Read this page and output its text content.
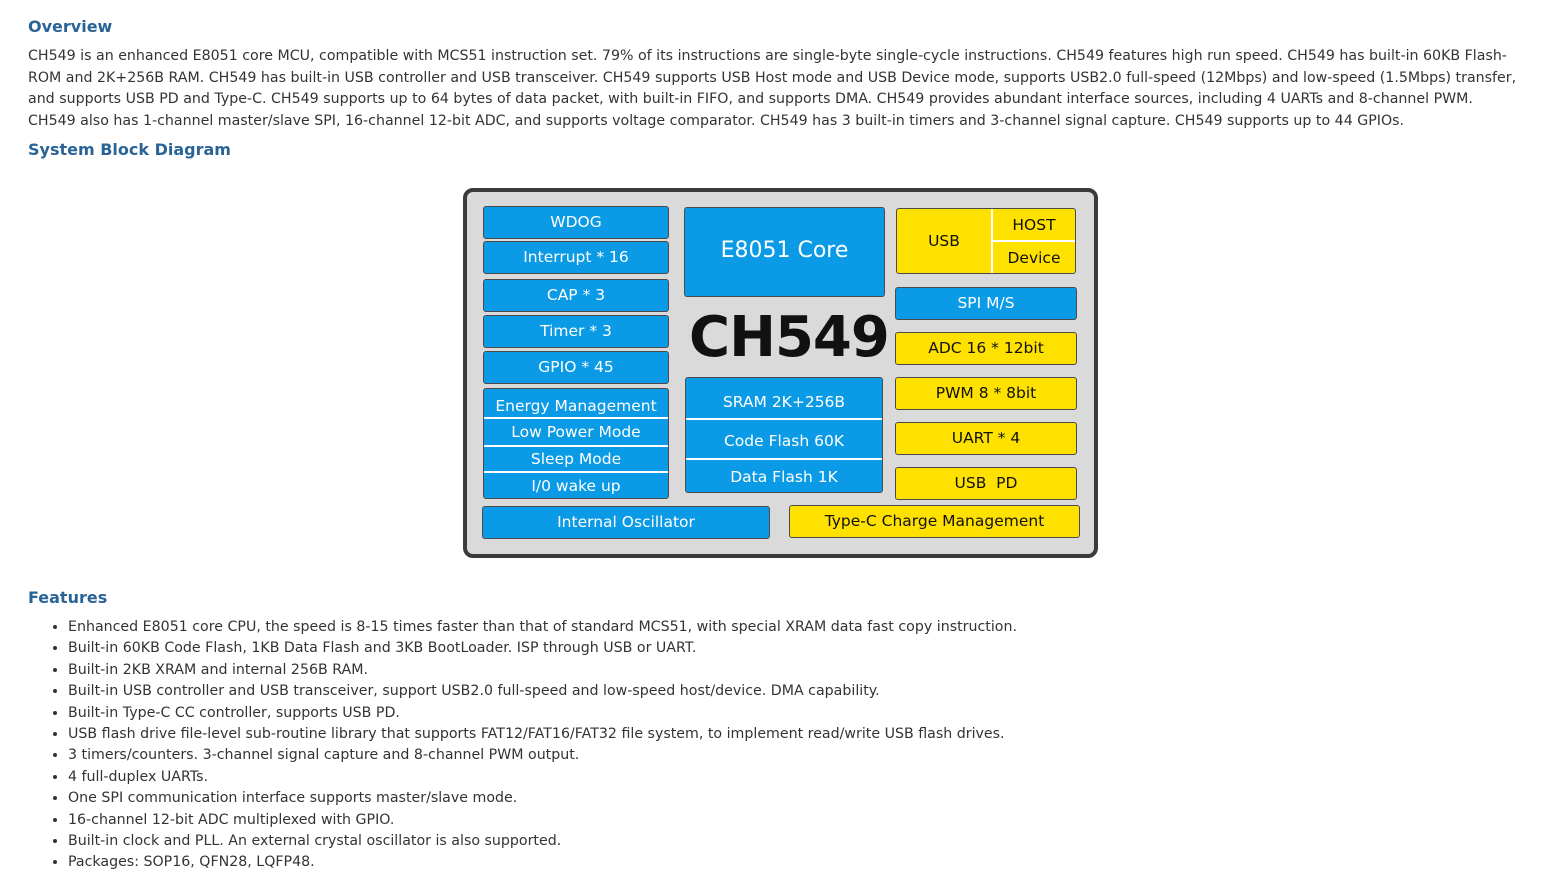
Overview

CH549 is an enhanced E8051 core MCU, compatible with MCS51 instruction set. 79% of its instructions are single-byte single-cycle instructions. CH549 features high run speed. CH549 has built-in 60KB Flash-ROM and 2K+256B RAM. CH549 has built-in USB controller and USB transceiver. CH549 supports USB Host mode and USB Device mode, supports USB2.0 full-speed (12Mbps) and low-speed (1.5Mbps) transfer, and supports USB PD and Type-C. CH549 supports up to 64 bytes of data packet, with built-in FIFO, and supports DMA. CH549 provides abundant interface sources, including 4 UARTs and 8-channel PWM. CH549 also has 1-channel master/slave SPI, 16-channel 12-bit ADC, and supports voltage comparator. CH549 has 3 built-in timers and 3-channel signal capture. CH549 supports up to 44 GPIOs.

System Block Diagram
WDOG
Interrupt * 16
CAP * 3
Timer * 3
GPIO * 45
Energy Management
Low Power Mode
Sleep Mode
I/0 wake up
Internal Oscillator
E8051 Core
CH549
SRAM 2K+256B
Code Flash 60K
Data Flash 1K
USB
HOST
Device
SPI M/S
ADC 16 * 12bit
PWM 8 * 8bit
UART * 4
USB  PD
Type-C Charge Management
Features
• Enhanced E8051 core CPU, the speed is 8-15 times faster than that of standard MCS51, with special XRAM data fast copy instruction.
• Built-in 60KB Code Flash, 1KB Data Flash and 3KB BootLoader. ISP through USB or UART.
• Built-in 2KB XRAM and internal 256B RAM.
• Built-in USB controller and USB transceiver, support USB2.0 full-speed and low-speed host/device. DMA capability.
• Built-in Type-C CC controller, supports USB PD.
• USB flash drive file-level sub-routine library that supports FAT12/FAT16/FAT32 file system, to implement read/write USB flash drives.
• 3 timers/counters. 3-channel signal capture and 8-channel PWM output.
• 4 full-duplex UARTs.
• One SPI communication interface supports master/slave mode.
• 16-channel 12-bit ADC multiplexed with GPIO.
• Built-in clock and PLL. An external crystal oscillator is also supported.
• Packages: SOP16, QFN28, LQFP48.
